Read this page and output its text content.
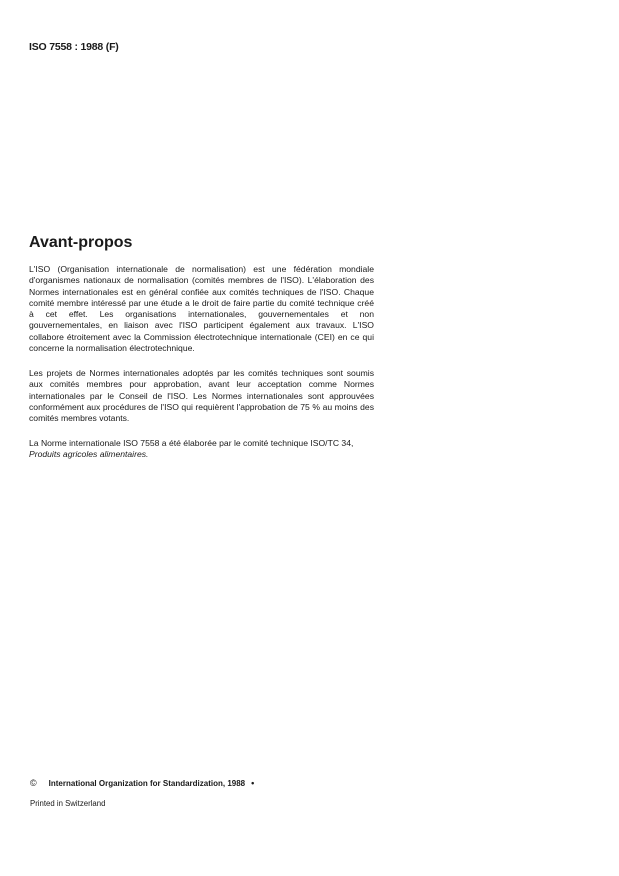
ISO 7558 : 1988 (F)
Avant-propos

L'ISO (Organisation internationale de normalisation) est une fédération mondiale d'organismes nationaux de normalisation (comités membres de l'ISO). L'élaboration des Normes internationales est en général confiée aux comités techniques de l'ISO. Chaque comité membre intéressé par une étude a le droit de faire partie du comité technique créé à cet effet. Les organisations internationales, gouvernementales et non gouvernementales, en liaison avec l'ISO participent également aux travaux. L'ISO collabore étroitement avec la Commission électrotechnique internationale (CEI) en ce qui concerne la normalisation électrotechnique.

Les projets de Normes internationales adoptés par les comités techniques sont soumis aux comités membres pour approbation, avant leur acceptation comme Normes internationales par le Conseil de l'ISO. Les Normes internationales sont approuvées conformément aux procédures de l'ISO qui requièrent l'approbation de 75 % au moins des comités membres votants.

La Norme internationale ISO 7558 a été élaborée par le comité technique ISO/TC 34,
Produits agricoles alimentaires.

© International Organization for Standardization, 1988 •
Printed in Switzerland
